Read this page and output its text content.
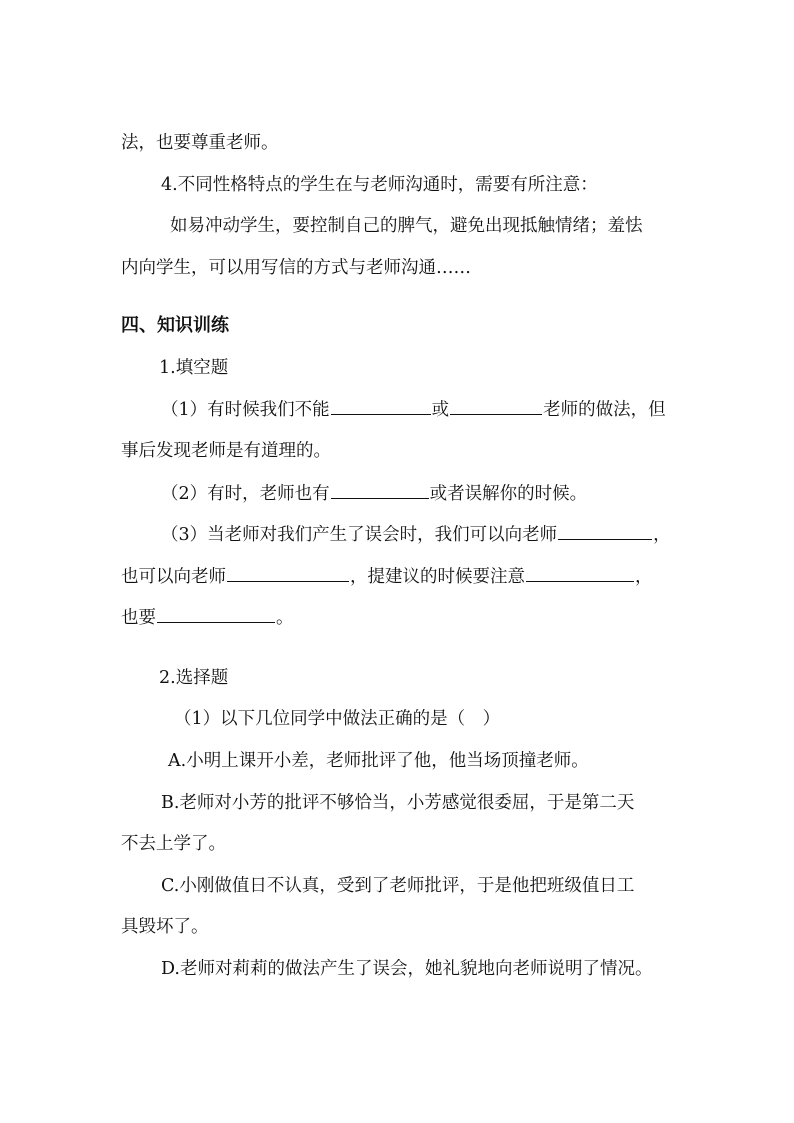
法，也要尊重老师。
4.不同性格特点的学生在与老师沟通时，需要有所注意：
如易冲动学生，要控制自己的脾气，避免出现抵触情绪；羞怯
内向学生，可以用写信的方式与老师沟通……
四、知识训练
1.填空题
（1）有时候我们不能	或	老师的做法，但
事后发现老师是有道理的。
（2）有时，老师也有	或者误解你的时候。
（3）当老师对我们产生了误会时，我们可以向老师	，
也可以向老师	，提建议的时候要注意	，
也要	。
2.选择题
（1）以下几位同学中做法正确的是（　）
A.小明上课开小差，老师批评了他，他当场顶撞老师。
B.老师对小芳的批评不够恰当，小芳感觉很委屈，于是第二天
不去上学了。
C.小刚做值日不认真，受到了老师批评，于是他把班级值日工
具毁坏了。
D.老师对莉莉的做法产生了误会，她礼貌地向老师说明了情况。
